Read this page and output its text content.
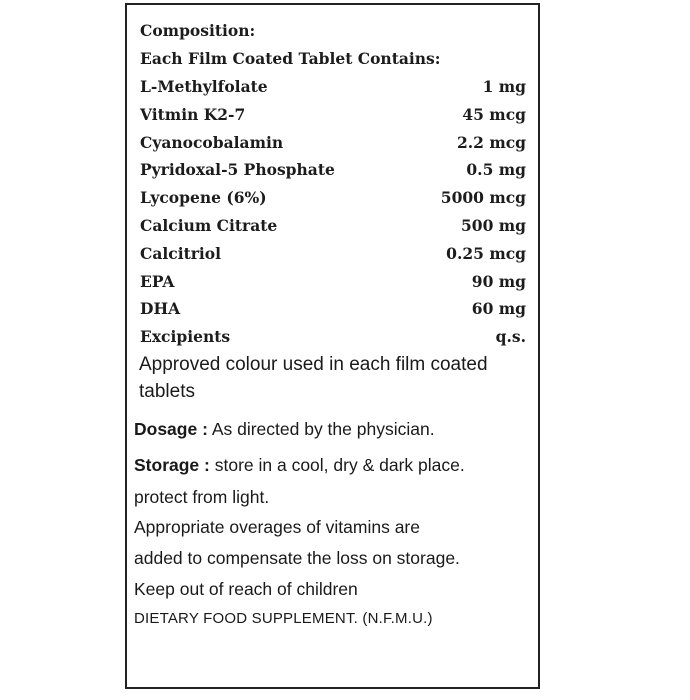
Composition:
Each Film Coated Tablet Contains:
L-Methylfolate	1 mg
Vitmin K2-7	45 mcg
Cyanocobalamin	2.2 mcg
Pyridoxal-5 Phosphate	0.5 mg
Lycopene (6%)	5000 mcg
Calcium Citrate	500 mg
Calcitriol	0.25 mcg
EPA	90 mg
DHA	60 mg
Excipients	q.s.
Approved colour used in each film coated tablets
Dosage : As directed by the physician.
Storage : store in a cool, dry & dark place.
protect from light.
Appropriate overages of vitamins are
added to compensate the loss on storage.
Keep out of reach of children
DIETARY FOOD SUPPLEMENT. (N.F.M.U.)
